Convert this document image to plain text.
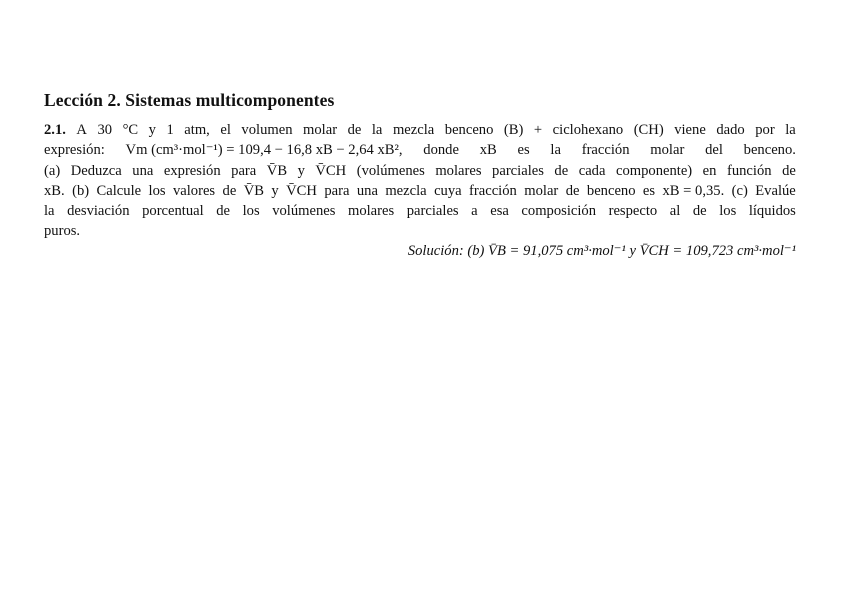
Lección 2. Sistemas multicomponentes
2.1. A 30 °C y 1 atm, el volumen molar de la mezcla benceno (B) + ciclohexano (CH) viene dado por la
expresión: Vm (cm³·mol⁻¹) = 109,4 − 16,8 xB − 2,64 xB², donde xB es la fracción molar del benceno.
(a) Deduzca una expresión para V̄B y V̄CH (volúmenes molares parciales de cada componente) en función de
xB. (b) Calcule los valores de V̄B y V̄CH para una mezcla cuya fracción molar de benceno es xB = 0,35. (c) Evalúe
la desviación porcentual de los volúmenes molares parciales a esa composición respecto al de los líquidos
puros.
Solución: (b) V̄B = 91,075 cm³·mol⁻¹ y V̄CH = 109,723 cm³·mol⁻¹
